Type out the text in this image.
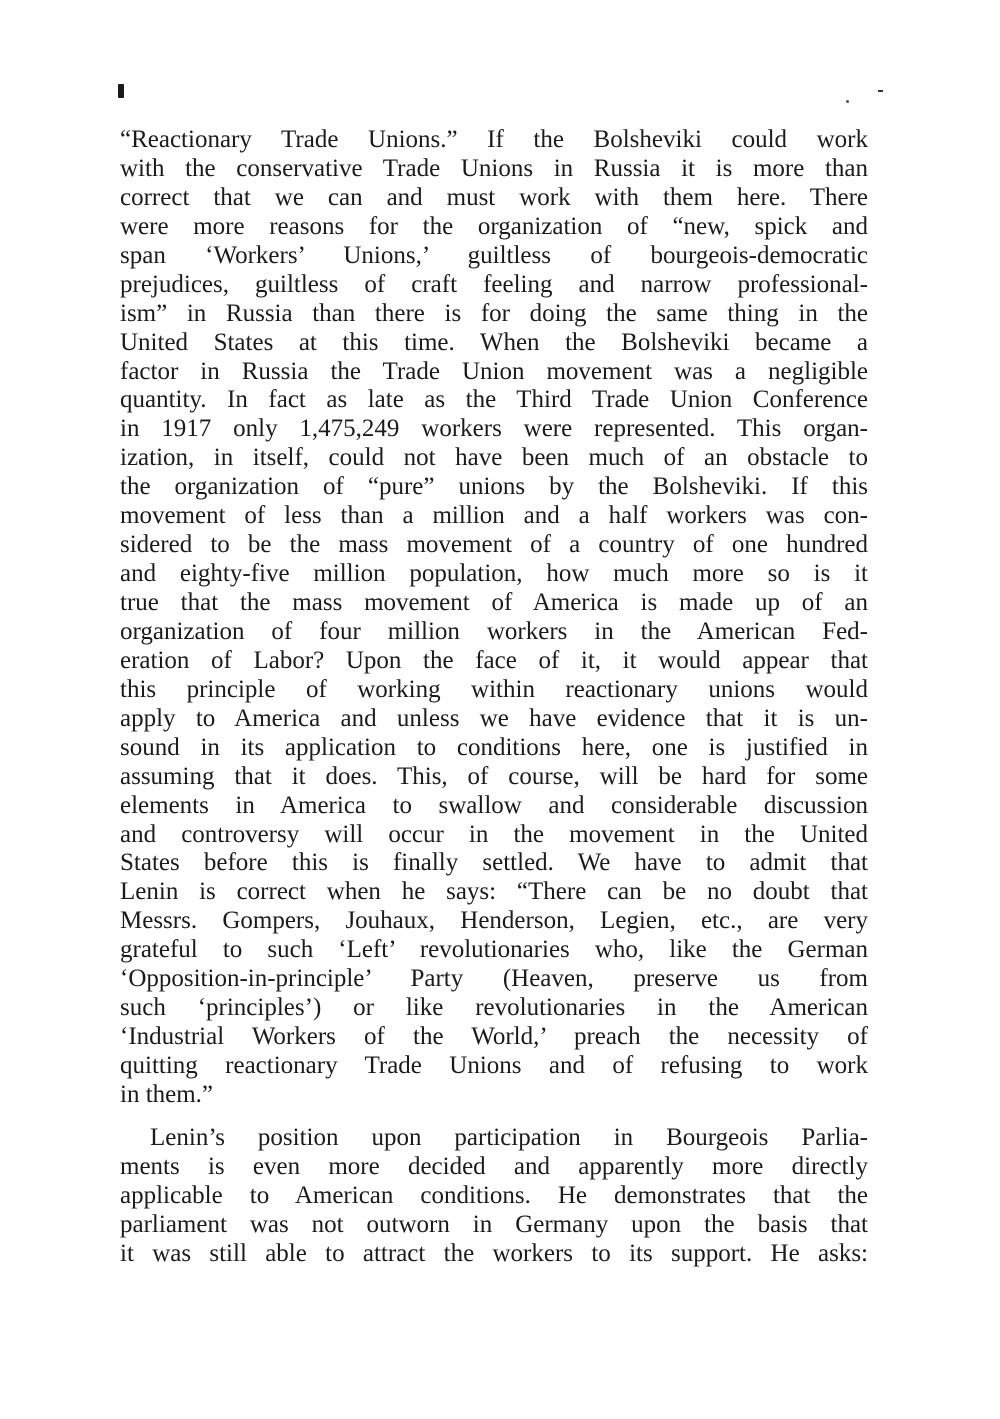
“Reactionary Trade Unions.” If the Bolsheviki could work
with the conservative Trade Unions in Russia it is more than
correct that we can and must work with them here. There
were more reasons for the organization of “new, spick and
span ‘Workers’ Unions,’ guiltless of bourgeois-democratic
prejudices, guiltless of craft feeling and narrow professional-
ism” in Russia than there is for doing the same thing in the
United States at this time. When the Bolsheviki became a
factor in Russia the Trade Union movement was a negligible
quantity. In fact as late as the Third Trade Union Conference
in 1917 only 1,475,249 workers were represented. This organ-
ization, in itself, could not have been much of an obstacle to
the organization of “pure” unions by the Bolsheviki. If this
movement of less than a million and a half workers was con-
sidered to be the mass movement of a country of one hundred
and eighty-five million population, how much more so is it
true that the mass movement of America is made up of an
organization of four million workers in the American Fed-
eration of Labor? Upon the face of it, it would appear that
this principle of working within reactionary unions would
apply to America and unless we have evidence that it is un-
sound in its application to conditions here, one is justified in
assuming that it does. This, of course, will be hard for some
elements in America to swallow and considerable discussion
and controversy will occur in the movement in the United
States before this is finally settled. We have to admit that
Lenin is correct when he says: “There can be no doubt that
Messrs. Gompers, Jouhaux, Henderson, Legien, etc., are very
grateful to such ‘Left’ revolutionaries who, like the German
‘Opposition-in-principle’ Party (Heaven, preserve us from
such ‘principles’) or like revolutionaries in the American
‘Industrial Workers of the World,’ preach the necessity of
quitting reactionary Trade Unions and of refusing to work
in them.”
Lenin’s position upon participation in Bourgeois Parlia-
ments is even more decided and apparently more directly
applicable to American conditions. He demonstrates that the
parliament was not outworn in Germany upon the basis that
it was still able to attract the workers to its support. He asks:
